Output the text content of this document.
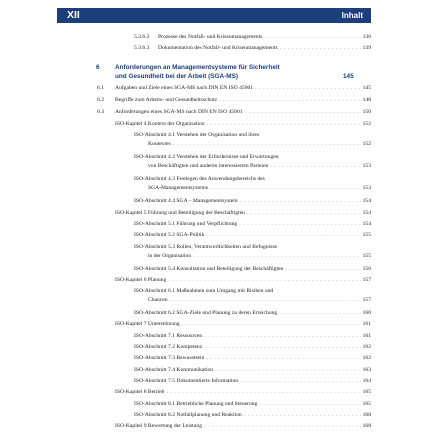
XII	Inhalt
5.3.6.2 Prozesse des Notfall- und Krisenmanagements . . .	136
5.3.6.3 Dokumentation des Notfall- und Krisenmanagements . . .	139
6 Anforderungen an Managementsysteme für Sicherheit
und Gesundheit bei der Arbeit (SGA-MS)	145
6.1 Aufgaben und Ziele eines SGA-MS nach DIN EN ISO 45001 . . .	145
6.2 Begriffe zum Arbeits- und Gesundheitsschutz . . .	148
6.3 Anforderungen eines SGA-MS nach DIN EN ISO 45001 . . .	150
ISO-Kapitel 4 Kontext der Organisation . . .	152
ISO-Abschnitt 4.1 Verstehen der Organisation und ihres
Kontextes . . .	152
ISO-Abschnitt 4.2 Verstehen der Erfordernisse und Erwartungen
von Beschäftigten und anderen interessierten Parteien . . .	153
ISO-Abschnitt 4.3 Festlegen des Anwendungsbereichs des
SGA-Managementsystems . . .	153
ISO-Abschnitt 4.4 SGA – Managementsystem . . .	154
ISO-Kapitel 5 Führung und Beteiligung der Beschäftigten . . .	154
ISO-Abschnitt 5.1 Führung und Verpflichtung . . .	154
ISO-Abschnitt 5.2 SGA-Politik . . .	155
ISO-Abschnitt 5.3 Rollen, Verantwortlichkeiten und Befugnisse
in der Organisation . . .	155
ISO-Abschnitt 5.4 Konsultation und Beteiligung der Beschäftigten . . .	156
ISO-Kapitel 6 Planung . . .	157
ISO-Abschnitt 6.1 Maßnahmen zum Umgang mit Risiken und
Chancen . . .	157
ISO-Abschnitt 6.2 SGA-Ziele und Planung zu deren Erreichung . . .	160
ISO-Kapitel 7 Unterstützung . . .	161
ISO-Abschnitt 7.1 Ressourcen . . .	161
ISO-Abschnitt 7.2 Kompetenz . . .	162
ISO-Abschnitt 7.3 Bewusstsein . . .	162
ISO-Abschnitt 7.4 Kommunikation . . .	163
ISO-Abschnitt 7.5 Dokumentierte Information . . .	164
ISO-Kapitel 8 Betrieb . . .	165
ISO-Abschnitt 8.1 Betriebliche Planung und Steuerung . . .	165
ISO-Abschnitt 8.2 Notfallplanung und Reaktion . . .	168
ISO-Kapitel 9 Bewertung der Leistung . . .	168
